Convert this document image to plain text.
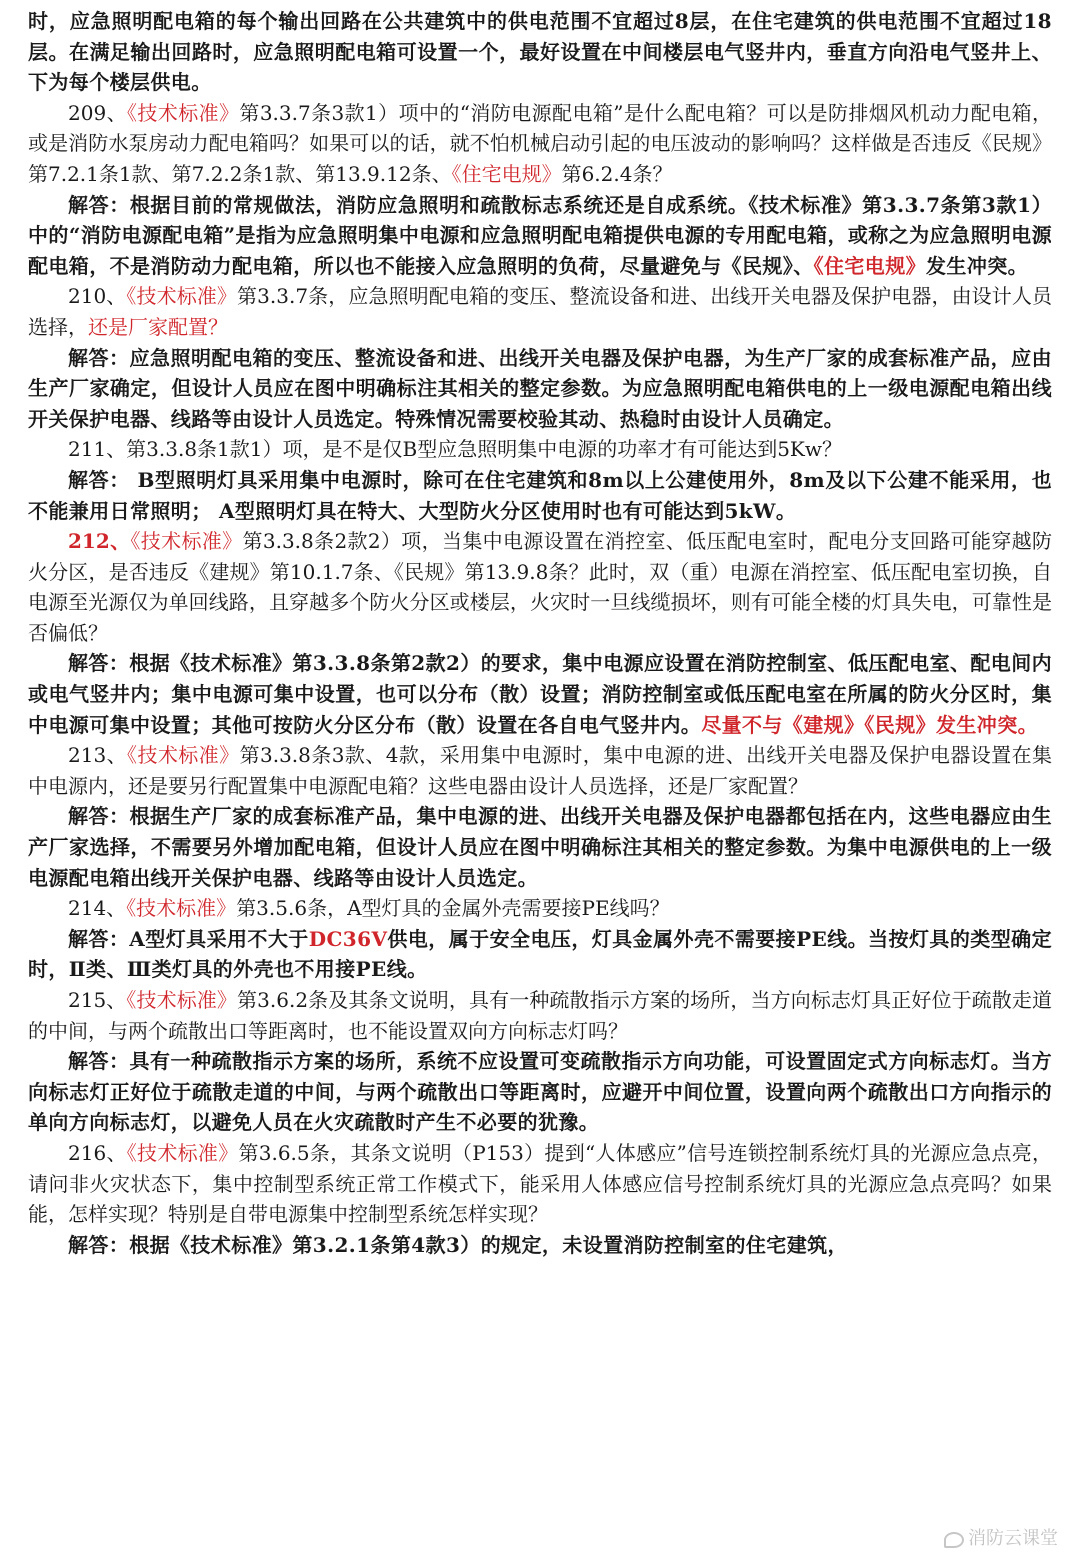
时，应急照明配电箱的每个输出回路在公共建筑中的供电范围不宜超过8层，在住宅建筑的供电范围不宜超过18层。在满足输出回路时，应急照明配电箱可设置一个，最好设置在中间楼层电气竖井内，垂直方向沿电气竖井上、下为每个楼层供电。

209、《技术标准》第3.3.7条3款1）项中的“消防电源配电箱”是什么配电箱？可以是防排烟风机动力配电箱，或是消防水泵房动力配电箱吗？如果可以的话，就不怕机械启动引起的电压波动的影响吗？这样做是否违反《民规》第7.2.1条1款、第7.2.2条1款、第13.9.12条、《住宅电规》第6.2.4条？

解答：根据目前的常规做法，消防应急照明和疏散标志系统还是自成系统。《技术标准》第3.3.7条第3款1）中的“消防电源配电箱”是指为应急照明集中电源和应急照明配电箱提供电源的专用配电箱，或称之为应急照明电源配电箱，不是消防动力配电箱，所以也不能接入应急照明的负荷，尽量避免与《民规》、《住宅电规》发生冲突。

210、《技术标准》第3.3.7条，应急照明配电箱的变压、整流设备和进、出线开关电器及保护电器，由设计人员选择，还是厂家配置？

解答：应急照明配电箱的变压、整流设备和进、出线开关电器及保护电器，为生产厂家的成套标准产品，应由生产厂家确定，但设计人员应在图中明确标注其相关的整定参数。为应急照明配电箱供电的上一级电源配电箱出线开关保护电器、线路等由设计人员选定。特殊情况需要校验其动、热稳时由设计人员确定。

211、第3.3.8条1款1）项，是不是仅B型应急照明集中电源的功率才有可能达到5Kw？

解答： B型照明灯具采用集中电源时，除可在住宅建筑和8m以上公建使用外，8m及以下公建不能采用，也不能兼用日常照明； A型照明灯具在特大、大型防火分区使用时也有可能达到5kW。

212、《技术标准》第3.3.8条2款2）项，当集中电源设置在消控室、低压配电室时，配电分支回路可能穿越防火分区，是否违反《建规》第10.1.7条、《民规》第13.9.8条？此时，双（重）电源在消控室、低压配电室切换，自电源至光源仅为单回线路，且穿越多个防火分区或楼层，火灾时一旦线缆损坏，则有可能全楼的灯具失电，可靠性是否偏低？

解答：根据《技术标准》第3.3.8条第2款2）的要求，集中电源应设置在消防控制室、低压配电室、配电间内或电气竖井内；集中电源可集中设置，也可以分布（散）设置；消防控制室或低压配电室在所属的防火分区时，集中电源可集中设置；其他可按防火分区分布（散）设置在各自电气竖井内。尽量不与《建规》《民规》发生冲突。

213、《技术标准》第3.3.8条3款、4款，采用集中电源时，集中电源的进、出线开关电器及保护电器设置在集中电源内，还是要另行配置集中电源配电箱？这些电器由设计人员选择，还是厂家配置？

解答：根据生产厂家的成套标准产品，集中电源的进、出线开关电器及保护电器都包括在内，这些电器应由生产厂家选择，不需要另外增加配电箱，但设计人员应在图中明确标注其相关的整定参数。为集中电源供电的上一级电源配电箱出线开关保护电器、线路等由设计人员选定。

214、《技术标准》第3.5.6条，A型灯具的金属外壳需要接PE线吗？

解答：A型灯具采用不大于DC36V供电，属于安全电压，灯具金属外壳不需要接PE线。当按灯具的类型确定时，Ⅱ类、Ⅲ类灯具的外壳也不用接PE线。

215、《技术标准》第3.6.2条及其条文说明，具有一种疏散指示方案的场所，当方向标志灯具正好位于疏散走道的中间，与两个疏散出口等距离时，也不能设置双向方向标志灯吗？

解答：具有一种疏散指示方案的场所，系统不应设置可变疏散指示方向功能，可设置固定式方向标志灯。当方向标志灯正好位于疏散走道的中间，与两个疏散出口等距离时，应避开中间位置，设置向两个疏散出口方向指示的单向方向标志灯，以避免人员在火灾疏散时产生不必要的犹豫。

216、《技术标准》第3.6.5条，其条文说明（P153）提到“人体感应”信号连锁控制系统灯具的光源应急点亮，请问非火灾状态下，集中控制型系统正常工作模式下，能采用人体感应信号控制系统灯具的光源应急点亮吗？如果能，怎样实现？特别是自带电源集中控制型系统怎样实现？

解答：根据《技术标准》第3.2.1条第4款3）的规定，未设置消防控制室的住宅建筑，

消防云课堂
